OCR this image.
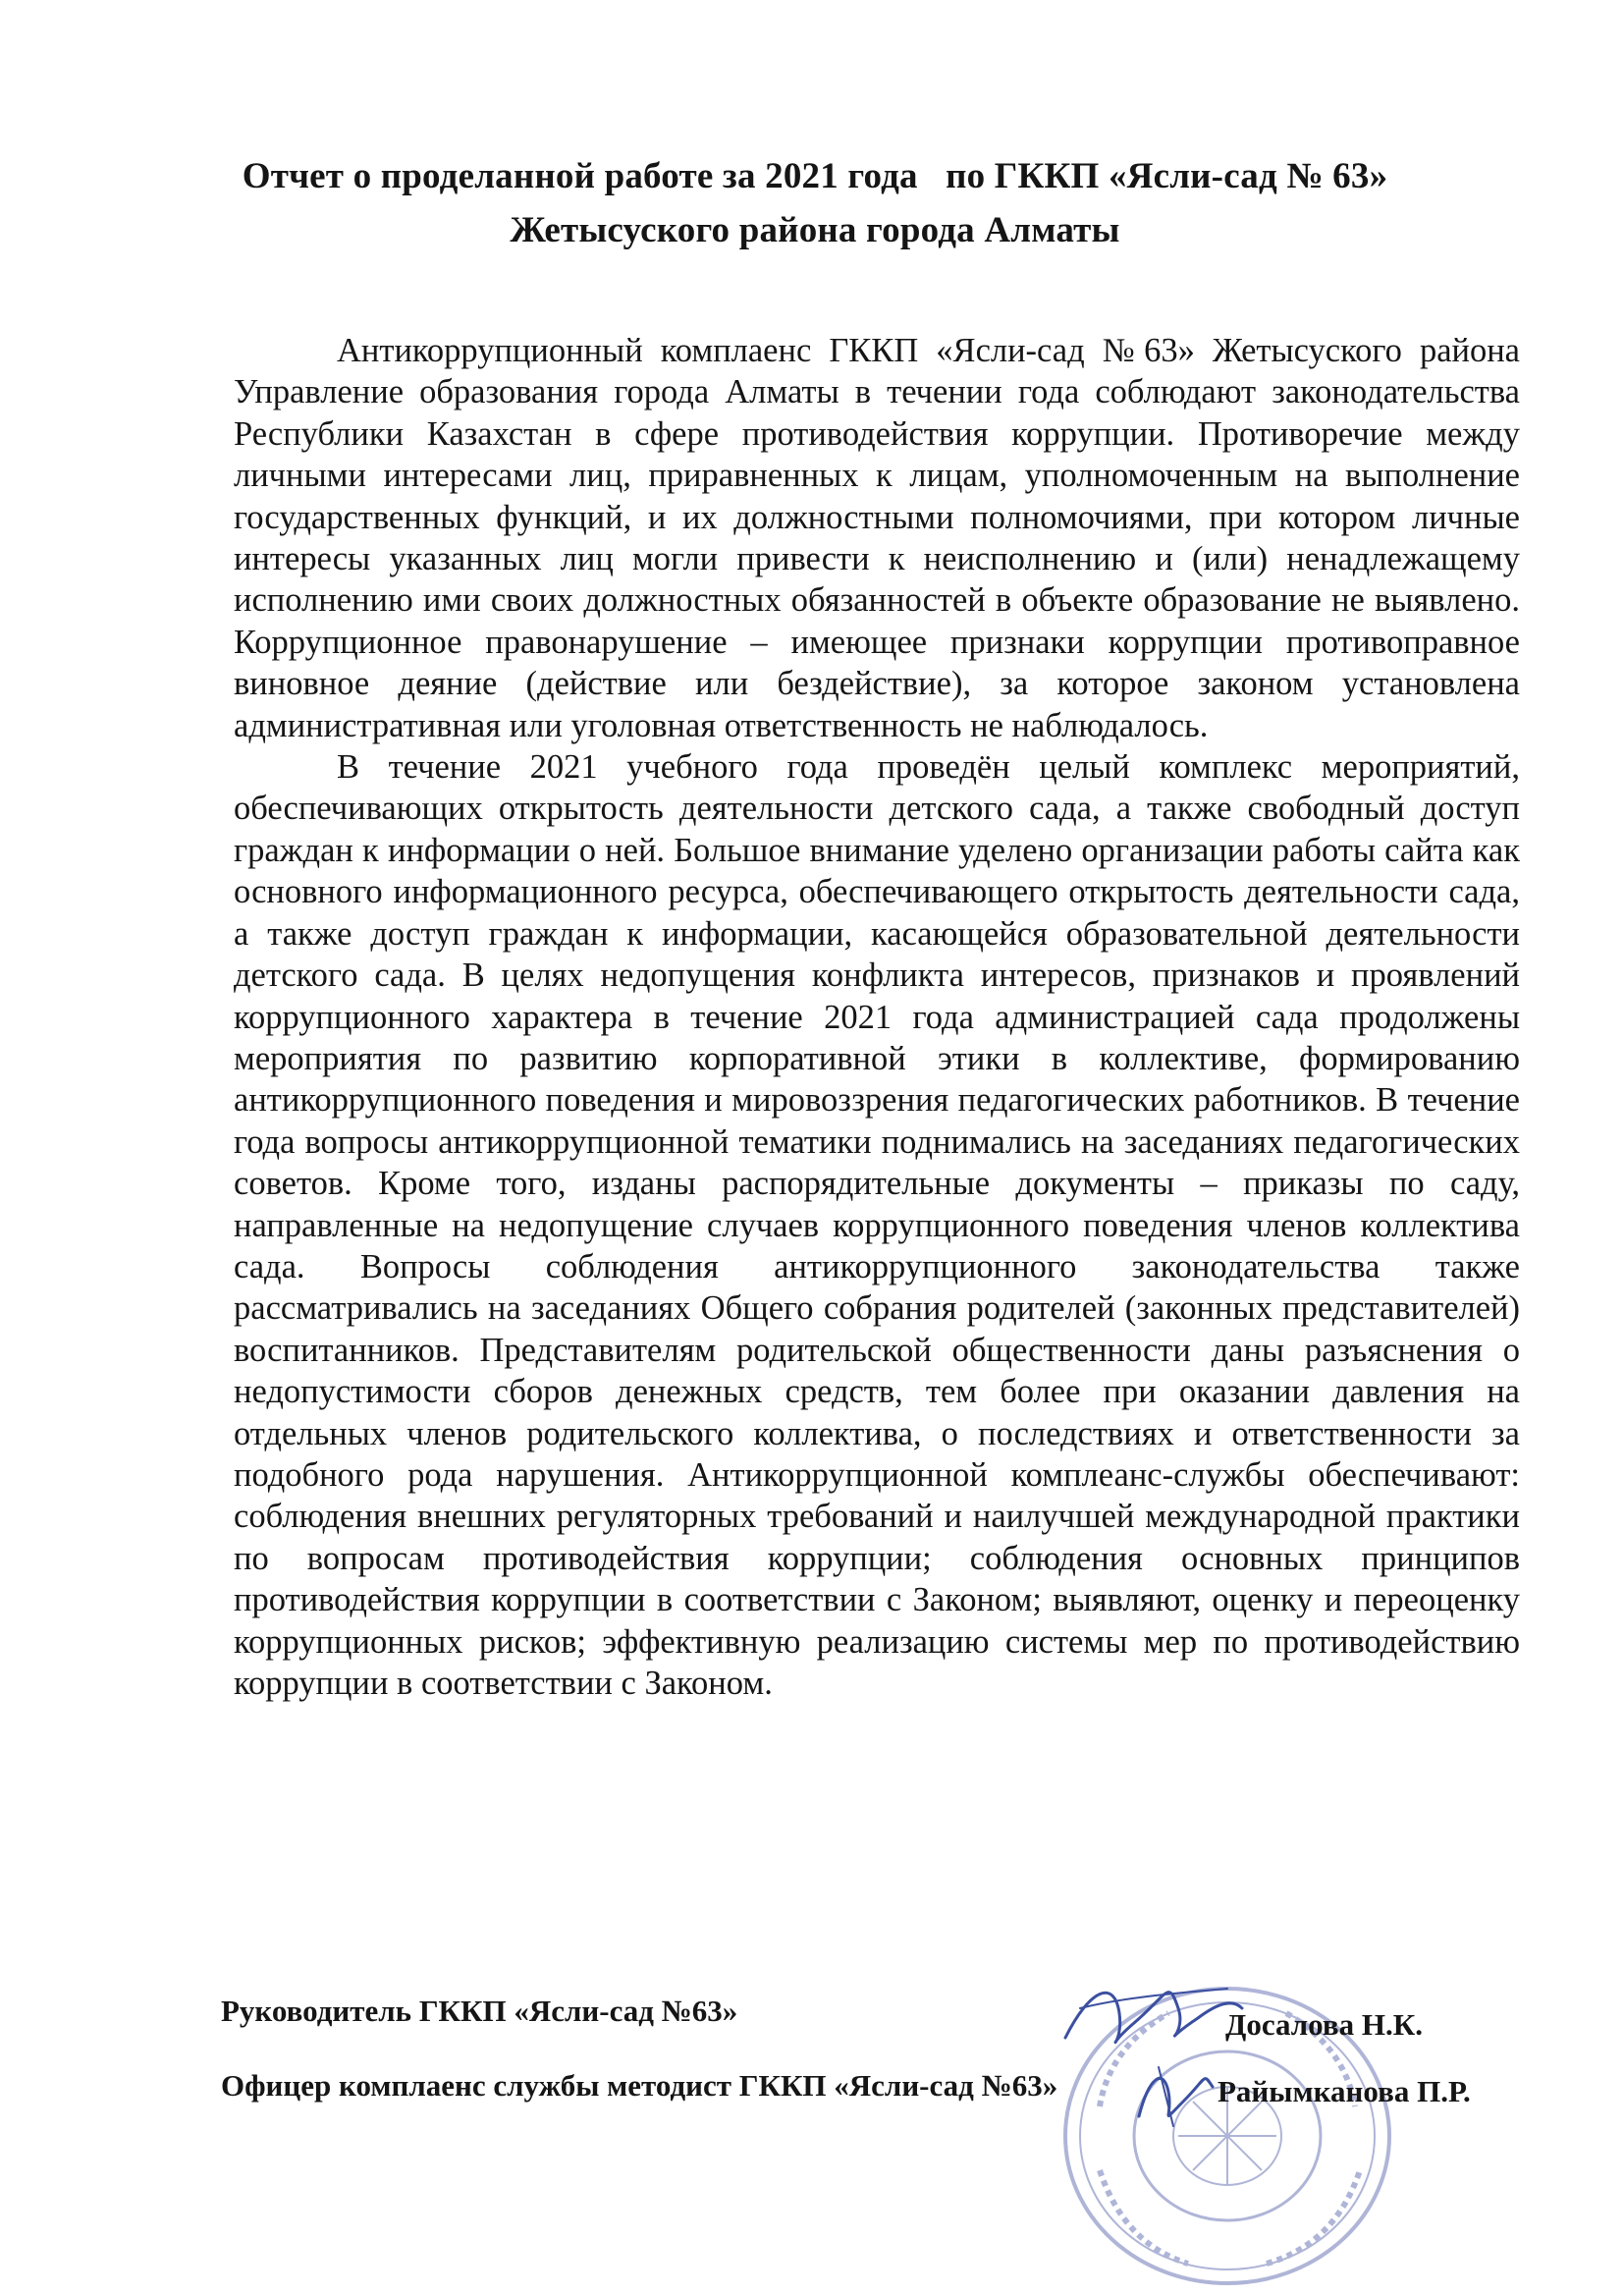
Отчет о проделанной работе за 2021 года   по ГККП «Ясли-сад № 63»
Жетысуского района города Алматы

Антикоррупционный комплаенс ГККП «Ясли-сад №63» Жетысуского района Управление образования города Алматы в течении года соблюдают законодательства Республики Казахстан в сфере противодействия коррупции. Противоречие между личными интересами лиц, приравненных к лицам, уполномоченным на выполнение государственных функций, и их должностными полномочиями, при котором личные интересы указанных лиц могли привести к неисполнению и (или) ненадлежащему исполнению ими своих должностных обязанностей в объекте образование не выявлено. Коррупционное правонарушение – имеющее признаки коррупции противоправное виновное деяние (действие или бездействие), за которое законом установлена административная или уголовная ответственность не наблюдалось.

В течение 2021 учебного года проведён целый комплекс мероприятий, обеспечивающих открытость деятельности детского сада, а также свободный доступ граждан к информации о ней. Большое внимание уделено организации работы сайта как основного информационного ресурса, обеспечивающего открытость деятельности сада, а также доступ граждан к информации, касающейся образовательной деятельности детского сада. В целях недопущения конфликта интересов, признаков и проявлений коррупционного характера в течение 2021 года администрацией сада продолжены мероприятия по развитию корпоративной этики в коллективе, формированию антикоррупционного поведения и мировоззрения педагогических работников. В течение года вопросы антикоррупционной тематики поднимались на заседаниях педагогических советов. Кроме того, изданы распорядительные документы – приказы по саду, направленные на недопущение случаев коррупционного поведения членов коллектива сада. Вопросы соблюдения антикоррупционного законодательства также рассматривались на заседаниях Общего собрания родителей (законных представителей) воспитанников. Представителям родительской общественности даны разъяснения о недопустимости сборов денежных средств, тем более при оказании давления на отдельных членов родительского коллектива, о последствиях и ответственности за подобного рода нарушения. Антикоррупционной комплеанс-службы обеспечивают: соблюдения внешних регуляторных требований и наилучшей международной практики по вопросам противодействия коррупции; соблюдения основных принципов противодействия коррупции в соответствии с Законом; выявляют, оценку и переоценку коррупционных рисков; эффективную реализацию системы мер по противодействию коррупции в соответствии с Законом.

Руководитель ГККП «Ясли-сад №63»	Досалова Н.К.
Офицер комплаенс службы методист ГККП «Ясли-сад №63»	Райымканова П.Р.
